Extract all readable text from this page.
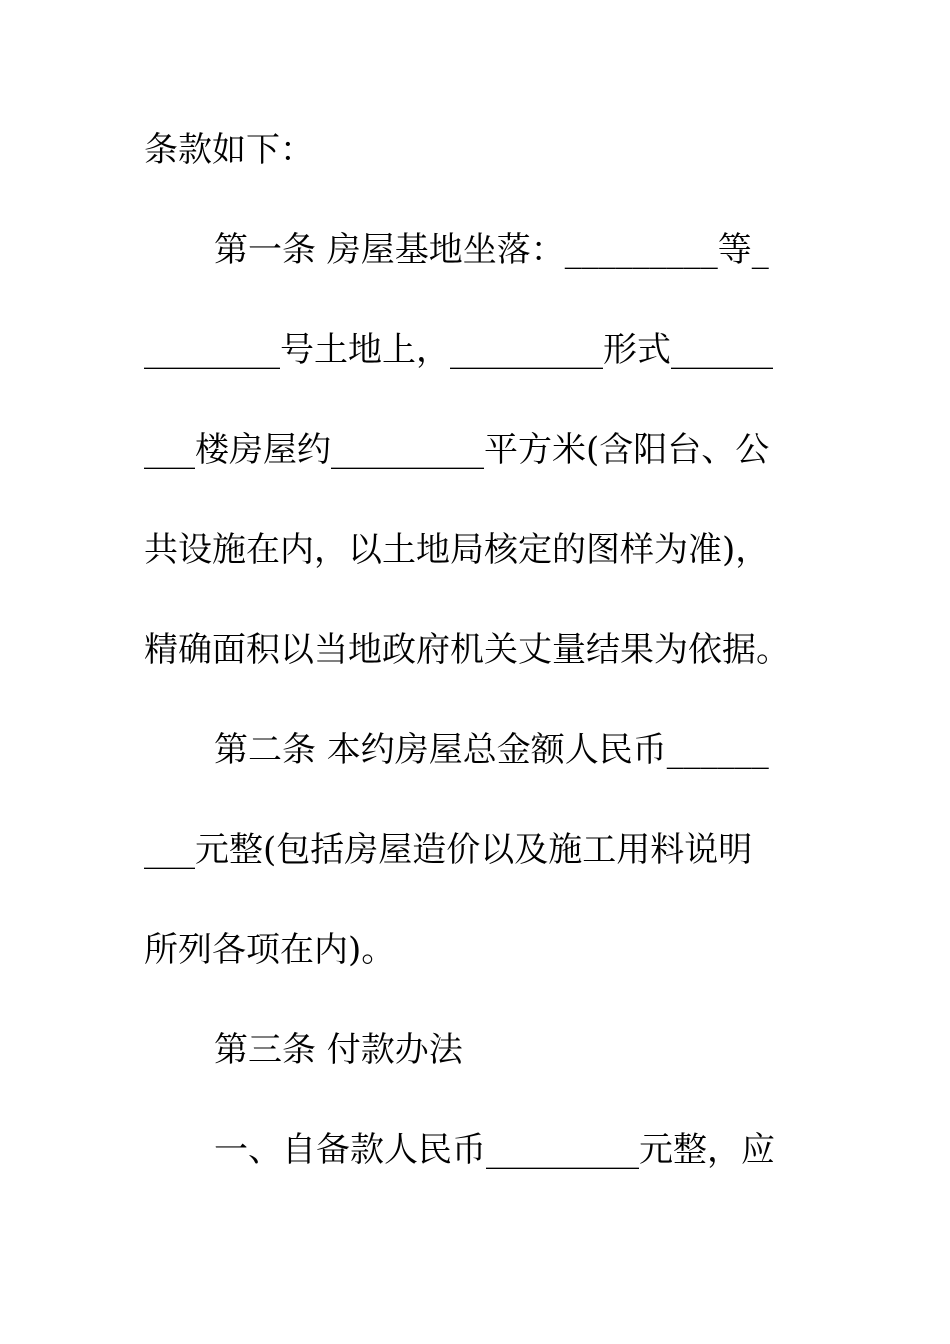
条款如下：
第一条 房屋基地坐落：_________等_
________号土地上，_________形式______
___楼房屋约_________平方米(含阳台、公
共设施在内，以土地局核定的图样为准)，
精确面积以当地政府机关丈量结果为依据。
第二条 本约房屋总金额人民币______
___元整(包括房屋造价以及施工用料说明
所列各项在内)。
第三条 付款办法
一、自备款人民币_________元整，应
